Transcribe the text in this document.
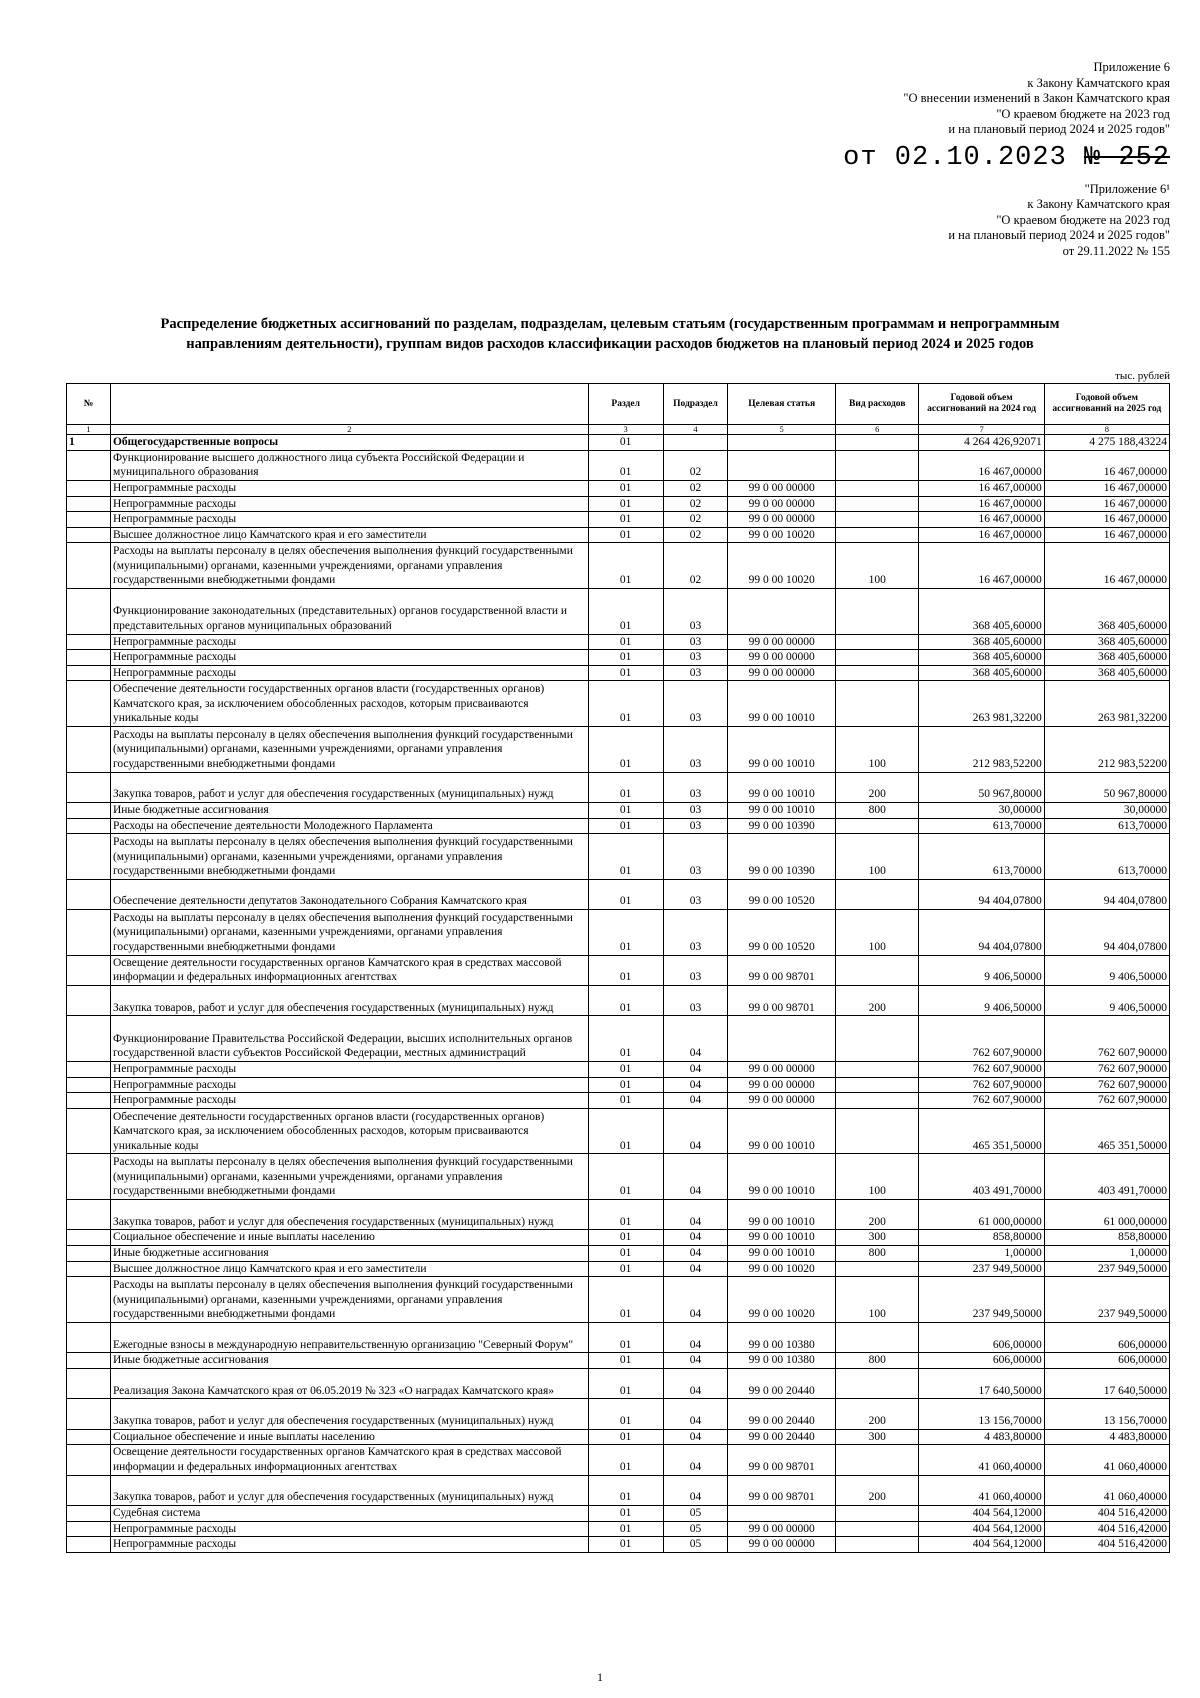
Приложение 6
к Закону Камчатского края
"О внесении изменений в Закон Камчатского края
"О краевом бюджете на 2023 год
и на плановый период 2024 и 2025 годов"
от 02.10.2023 № 252
"Приложение 6¹
к Закону Камчатского края
"О краевом бюджете на 2023 год
и на плановый период 2024 и 2025 годов"
от 29.11.2022 № 155
Распределение бюджетных ассигнований по разделам, подразделам, целевым статьям (государственным программам и непрограммным
направлениям деятельности), группам видов расходов классификации расходов бюджетов на плановый период 2024 и 2025 годов
тыс. рублей
№		Раздел	Подраздел	Целевая статья	Вид расходов	Годовой объем ассигнований на 2024 год	Годовой объем ассигнований на 2025 год
1	2	3	4	5	6	7	8
1	Общегосударственные вопросы	01				4 264 426,92071	4 275 188,43224
	Функционирование высшего должностного лица субъекта Российской Федерации и муниципального образования	01	02			16 467,00000	16 467,00000
	Непрограммные расходы	01	02	99 0 00 00000		16 467,00000	16 467,00000
	Непрограммные расходы	01	02	99 0 00 00000		16 467,00000	16 467,00000
	Непрограммные расходы	01	02	99 0 00 00000		16 467,00000	16 467,00000
	Высшее должностное лицо Камчатского края и его заместители	01	02	99 0 00 10020		16 467,00000	16 467,00000
	Расходы на выплаты персоналу в целях обеспечения выполнения функций государственными (муниципальными) органами, казенными учреждениями, органами управления государственными внебюджетными фондами	01	02	99 0 00 10020	100	16 467,00000	16 467,00000
	Функционирование законодательных (представительных) органов государственной власти и представительных органов муниципальных образований	01	03			368 405,60000	368 405,60000
	Непрограммные расходы	01	03	99 0 00 00000		368 405,60000	368 405,60000
	Непрограммные расходы	01	03	99 0 00 00000		368 405,60000	368 405,60000
	Непрограммные расходы	01	03	99 0 00 00000		368 405,60000	368 405,60000
	Обеспечение деятельности государственных органов власти (государственных органов) Камчатского края, за исключением обособленных расходов, которым присваиваются уникальные коды	01	03	99 0 00 10010		263 981,32200	263 981,32200
	Расходы на выплаты персоналу в целях обеспечения выполнения функций государственными (муниципальными) органами, казенными учреждениями, органами управления государственными внебюджетными фондами	01	03	99 0 00 10010	100	212 983,52200	212 983,52200
	Закупка товаров, работ и услуг для обеспечения государственных (муниципальных) нужд	01	03	99 0 00 10010	200	50 967,80000	50 967,80000
	Иные бюджетные ассигнования	01	03	99 0 00 10010	800	30,00000	30,00000
	Расходы на обеспечение деятельности Молодежного Парламента	01	03	99 0 00 10390		613,70000	613,70000
	Расходы на выплаты персоналу в целях обеспечения выполнения функций государственными (муниципальными) органами, казенными учреждениями, органами управления государственными внебюджетными фондами	01	03	99 0 00 10390	100	613,70000	613,70000
	Обеспечение деятельности депутатов Законодательного Собрания Камчатского края	01	03	99 0 00 10520		94 404,07800	94 404,07800
	Расходы на выплаты персоналу в целях обеспечения выполнения функций государственными (муниципальными) органами, казенными учреждениями, органами управления государственными внебюджетными фондами	01	03	99 0 00 10520	100	94 404,07800	94 404,07800
	Освещение деятельности государственных органов Камчатского края в средствах массовой информации и федеральных информационных агентствах	01	03	99 0 00 98701		9 406,50000	9 406,50000
	Закупка товаров, работ и услуг для обеспечения государственных (муниципальных) нужд	01	03	99 0 00 98701	200	9 406,50000	9 406,50000
	Функционирование Правительства Российской Федерации, высших исполнительных органов государственной власти субъектов Российской Федерации, местных администраций	01	04			762 607,90000	762 607,90000
	Непрограммные расходы	01	04	99 0 00 00000		762 607,90000	762 607,90000
	Непрограммные расходы	01	04	99 0 00 00000		762 607,90000	762 607,90000
	Непрограммные расходы	01	04	99 0 00 00000		762 607,90000	762 607,90000
	Обеспечение деятельности государственных органов власти (государственных органов) Камчатского края, за исключением обособленных расходов, которым присваиваются уникальные коды	01	04	99 0 00 10010		465 351,50000	465 351,50000
	Расходы на выплаты персоналу в целях обеспечения выполнения функций государственными (муниципальными) органами, казенными учреждениями, органами управления государственными внебюджетными фондами	01	04	99 0 00 10010	100	403 491,70000	403 491,70000
	Закупка товаров, работ и услуг для обеспечения государственных (муниципальных) нужд	01	04	99 0 00 10010	200	61 000,00000	61 000,00000
	Социальное обеспечение и иные выплаты населению	01	04	99 0 00 10010	300	858,80000	858,80000
	Иные бюджетные ассигнования	01	04	99 0 00 10010	800	1,00000	1,00000
	Высшее должностное лицо Камчатского края и его заместители	01	04	99 0 00 10020		237 949,50000	237 949,50000
	Расходы на выплаты персоналу в целях обеспечения выполнения функций государственными (муниципальными) органами, казенными учреждениями, органами управления государственными внебюджетными фондами	01	04	99 0 00 10020	100	237 949,50000	237 949,50000
	Ежегодные взносы в международную неправительственную организацию "Северный Форум"	01	04	99 0 00 10380		606,00000	606,00000
	Иные бюджетные ассигнования	01	04	99 0 00 10380	800	606,00000	606,00000
	Реализация Закона Камчатского края от 06.05.2019 № 323 «О наградах Камчатского края»	01	04	99 0 00 20440		17 640,50000	17 640,50000
	Закупка товаров, работ и услуг для обеспечения государственных (муниципальных) нужд	01	04	99 0 00 20440	200	13 156,70000	13 156,70000
	Социальное обеспечение и иные выплаты населению	01	04	99 0 00 20440	300	4 483,80000	4 483,80000
	Освещение деятельности государственных органов Камчатского края в средствах массовой информации и федеральных информационных агентствах	01	04	99 0 00 98701		41 060,40000	41 060,40000
	Закупка товаров, работ и услуг для обеспечения государственных (муниципальных) нужд	01	04	99 0 00 98701	200	41 060,40000	41 060,40000
	Судебная система	01	05			404 564,12000	404 516,42000
	Непрограммные расходы	01	05	99 0 00 00000		404 564,12000	404 516,42000
	Непрограммные расходы	01	05	99 0 00 00000		404 564,12000	404 516,42000
1
